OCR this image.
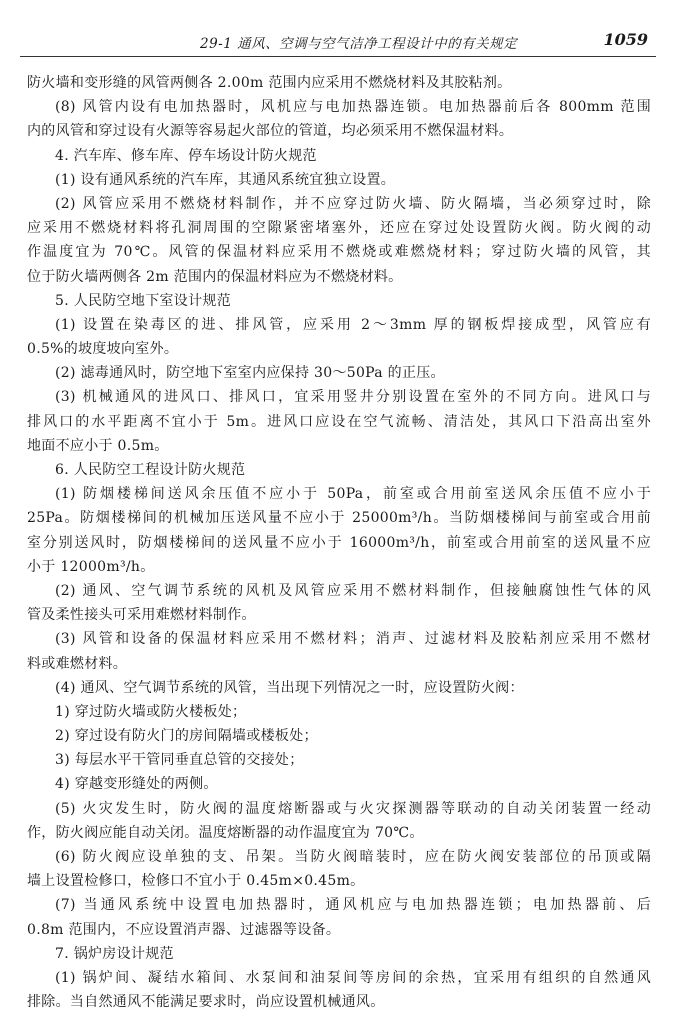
29-1 通风、空调与空气洁净工程设计中的有关规定	1059
防火墙和变形缝的风管两侧各 2.00m 范围内应采用不燃烧材料及其胶粘剂。
(8) 风管内设有电加热器时，风机应与电加热器连锁。电加热器前后各 800mm 范围
内的风管和穿过设有火源等容易起火部位的管道，均必须采用不燃保温材料。
4. 汽车库、修车库、停车场设计防火规范
(1) 设有通风系统的汽车库，其通风系统宜独立设置。
(2) 风管应采用不燃烧材料制作，并不应穿过防火墙、防火隔墙，当必须穿过时，除
应采用不燃烧材料将孔洞周围的空隙紧密堵塞外，还应在穿过处设置防火阀。防火阀的动
作温度宜为 70℃。风管的保温材料应采用不燃烧或难燃烧材料；穿过防火墙的风管，其
位于防火墙两侧各 2m 范围内的保温材料应为不燃烧材料。
5. 人民防空地下室设计规范
(1) 设置在染毒区的进、排风管，应采用 2～3mm 厚的钢板焊接成型，风管应有
0.5%的坡度坡向室外。
(2) 滤毒通风时，防空地下室室内应保持 30～50Pa 的正压。
(3) 机械通风的进风口、排风口，宜采用竖井分别设置在室外的不同方向。进风口与
排风口的水平距离不宜小于 5m。进风口应设在空气流畅、清洁处，其风口下沿高出室外
地面不应小于 0.5m。
6. 人民防空工程设计防火规范
(1) 防烟楼梯间送风余压值不应小于 50Pa，前室或合用前室送风余压值不应小于
25Pa。防烟楼梯间的机械加压送风量不应小于 25000m³/h。当防烟楼梯间与前室或合用前
室分别送风时，防烟楼梯间的送风量不应小于 16000m³/h，前室或合用前室的送风量不应
小于 12000m³/h。
(2) 通风、空气调节系统的风机及风管应采用不燃材料制作，但接触腐蚀性气体的风
管及柔性接头可采用难燃材料制作。
(3) 风管和设备的保温材料应采用不燃材料；消声、过滤材料及胶粘剂应采用不燃材
料或难燃材料。
(4) 通风、空气调节系统的风管，当出现下列情况之一时，应设置防火阀：
1) 穿过防火墙或防火楼板处；
2) 穿过设有防火门的房间隔墙或楼板处；
3) 每层水平干管同垂直总管的交接处；
4) 穿越变形缝处的两侧。
(5) 火灾发生时，防火阀的温度熔断器或与火灾探测器等联动的自动关闭装置一经动
作，防火阀应能自动关闭。温度熔断器的动作温度宜为 70℃。
(6) 防火阀应设单独的支、吊架。当防火阀暗装时，应在防火阀安装部位的吊顶或隔
墙上设置检修口，检修口不宜小于 0.45m×0.45m。
(7) 当通风系统中设置电加热器时，通风机应与电加热器连锁；电加热器前、后
0.8m 范围内，不应设置消声器、过滤器等设备。
7. 锅炉房设计规范
(1) 锅炉间、凝结水箱间、水泵间和油泵间等房间的余热，宜采用有组织的自然通风
排除。当自然通风不能满足要求时，尚应设置机械通风。
